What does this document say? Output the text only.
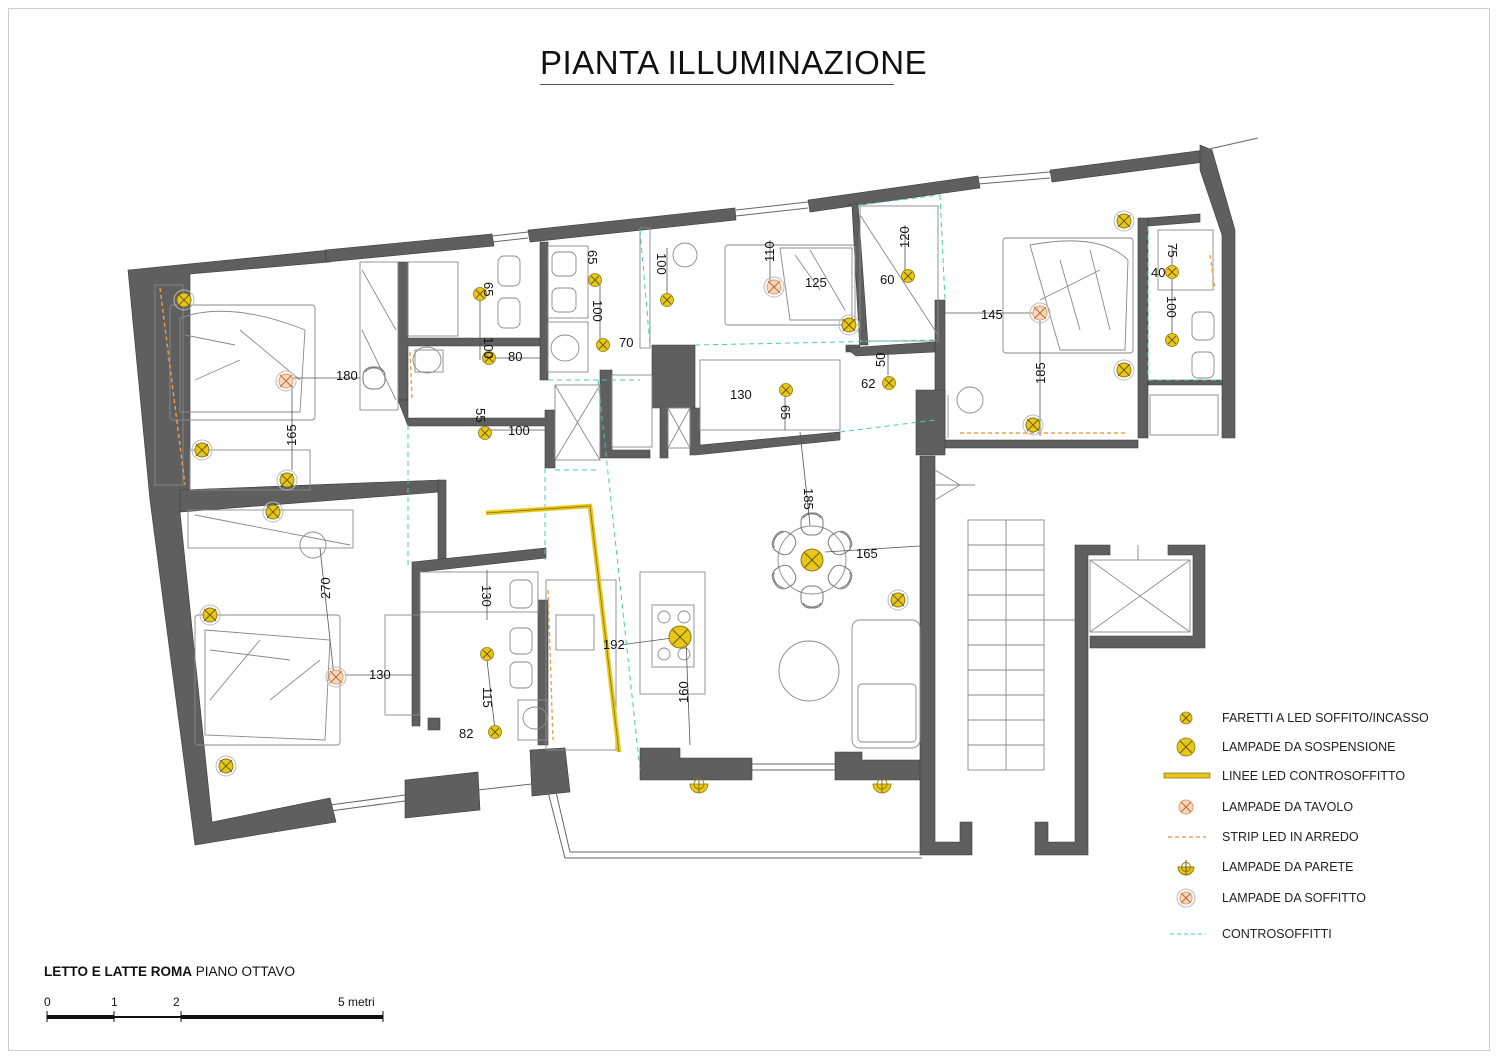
PIANTA ILLUMINAZIONE
180
165
65
100 80
55
100
65
100
70
100
110
125
120
60
130
65
62
50
145
185
75
40
100
270
130
130
115
82
192
160
185
165
FARETTI A LED SOFFITO/INCASSO
LAMPADE DA SOSPENSIONE
LINEE LED CONTROSOFFITTO
LAMPADE DA TAVOLO
STRIP LED IN ARREDO
LAMPADE DA PARETE
LAMPADE DA SOFFITTO
CONTROSOFFITTI
LETTO E LATTE ROMA PIANO OTTAVO
0	1	2	5 metri
